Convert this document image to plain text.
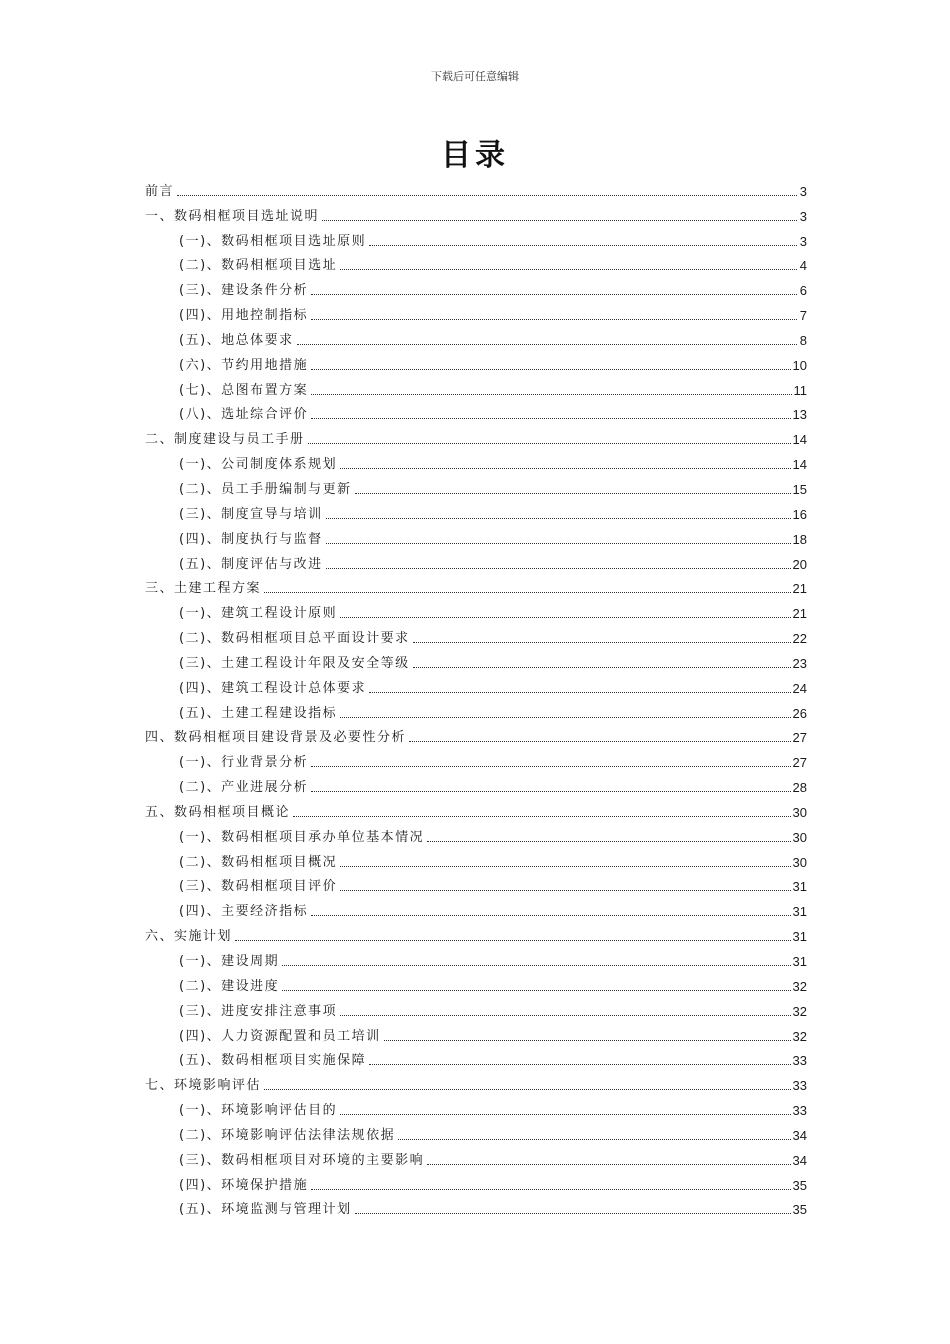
下载后可任意编辑
目录
前言	3
一、数码相框项目选址说明	3
(一)、数码相框项目选址原则	3
(二)、数码相框项目选址	4
(三)、建设条件分析	6
(四)、用地控制指标	7
(五)、地总体要求	8
(六)、节约用地措施	10
(七)、总图布置方案	11
(八)、选址综合评价	13
二、制度建设与员工手册	14
(一)、公司制度体系规划	14
(二)、员工手册编制与更新	15
(三)、制度宣导与培训	16
(四)、制度执行与监督	18
(五)、制度评估与改进	20
三、土建工程方案	21
(一)、建筑工程设计原则	21
(二)、数码相框项目总平面设计要求	22
(三)、土建工程设计年限及安全等级	23
(四)、建筑工程设计总体要求	24
(五)、土建工程建设指标	26
四、数码相框项目建设背景及必要性分析	27
(一)、行业背景分析	27
(二)、产业进展分析	28
五、数码相框项目概论	30
(一)、数码相框项目承办单位基本情况	30
(二)、数码相框项目概况	30
(三)、数码相框项目评价	31
(四)、主要经济指标	31
六、实施计划	31
(一)、建设周期	31
(二)、建设进度	32
(三)、进度安排注意事项	32
(四)、人力资源配置和员工培训	32
(五)、数码相框项目实施保障	33
七、环境影响评估	33
(一)、环境影响评估目的	33
(二)、环境影响评估法律法规依据	34
(三)、数码相框项目对环境的主要影响	34
(四)、环境保护措施	35
(五)、环境监测与管理计划	35
